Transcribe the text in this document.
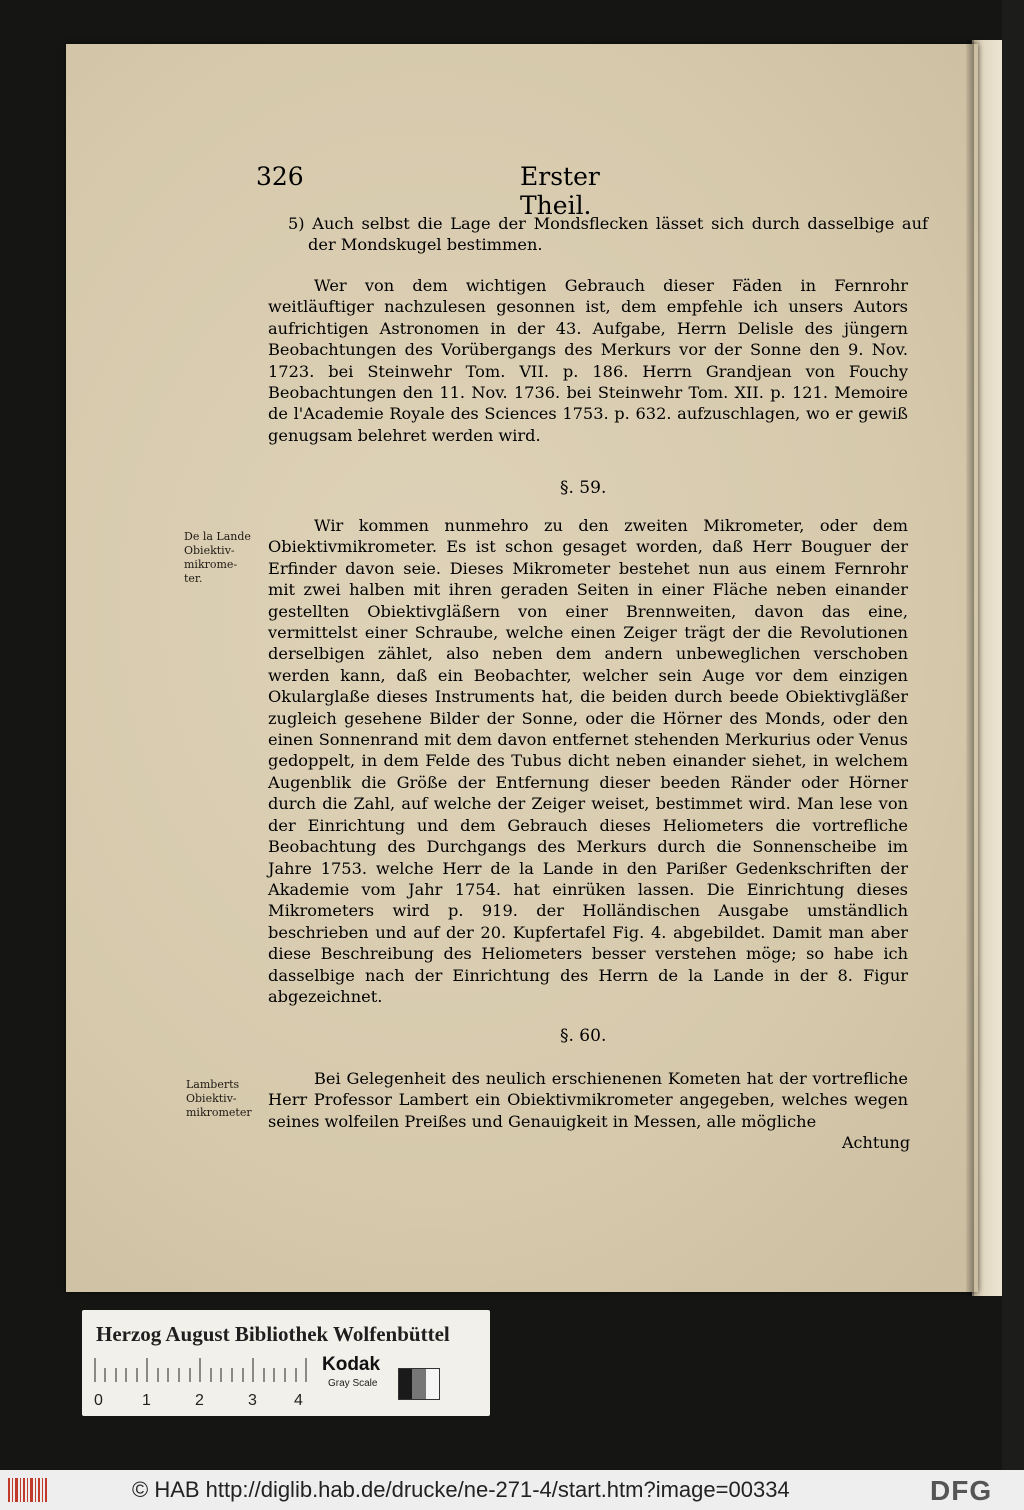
326	Erster Theil.

5) Auch selbst die Lage der Mondsflecken lässet sich durch dasselbige auf der Mondskugel bestimmen.

Wer von dem wichtigen Gebrauch dieser Fäden in Fernrohr weitläuftiger nachzulesen gesonnen ist, dem empfehle ich unsers Autors aufrichtigen Astronomen in der 43. Aufgabe, Herrn Delisle des jüngern Beobachtungen des Vorübergangs des Merkurs vor der Sonne den 9. Nov. 1723. bei Steinwehr Tom. VII. p. 186. Herrn Grandjean von Fouchy Beobachtungen den 11. Nov. 1736. bei Steinwehr Tom. XII. p. 121. Memoire de l'Academie Royale des Sciences 1753. p. 632. aufzuschlagen, wo er gewiß genugsam belehret werden wird.

§. 59.
De la Lande
Obiektiv-
mikrome-
ter.

Wir kommen nunmehro zu den zweiten Mikrometer, oder dem Obiektivmikrometer. Es ist schon gesaget worden, daß Herr Bouguer der Erfinder davon seie. Dieses Mikrometer bestehet nun aus einem Fernrohr mit zwei halben mit ihren geraden Seiten in einer Fläche neben einander gestellten Obiektivgläßern von einer Brennweiten, davon das eine, vermittelst einer Schraube, welche einen Zeiger trägt der die Revolutionen derselbigen zählet, also neben dem andern unbeweglichen verschoben werden kann, daß ein Beobachter, welcher sein Auge vor dem einzigen Okularglaße dieses Instruments hat, die beiden durch beede Obiektivgläßer zugleich gesehene Bilder der Sonne, oder die Hörner des Monds, oder den einen Sonnenrand mit dem davon entfernet stehenden Merkurius oder Venus gedoppelt, in dem Felde des Tubus dicht neben einander siehet, in welchem Augenblik die Größe der Entfernung dieser beeden Ränder oder Hörner durch die Zahl, auf welche der Zeiger weiset, bestimmet wird. Man lese von der Einrichtung und dem Gebrauch dieses Heliometers die vortrefliche Beobachtung des Durchgangs des Merkurs durch die Sonnenscheibe im Jahre 1753. welche Herr de la Lande in den Parißer Gedenkschriften der Akademie vom Jahr 1754. hat einrüken lassen. Die Einrichtung dieses Mikrometers wird p. 919. der Holländischen Ausgabe umständlich beschrieben und auf der 20. Kupfertafel Fig. 4. abgebildet. Damit man aber diese Beschreibung des Heliometers besser verstehen möge; so habe ich dasselbige nach der Einrichtung des Herrn de la Lande in der 8. Figur abgezeichnet.

§. 60.
Lamberts
Obiektiv-
mikrometer

Bei Gelegenheit des neulich erschienenen Kometen hat der vortrefliche Herr Professor Lambert ein Obiektivmikrometer angegeben, welches wegen seines wolfeilen Preißes und Genauigkeit in Messen, alle mögliche

Achtung
Herzog August Bibliothek Wolfenbüttel
0 1	2	3 4
Kodak
Gray Scale
© HAB http://diglib.hab.de/drucke/ne-271-4/start.htm?image=00334	DFG
